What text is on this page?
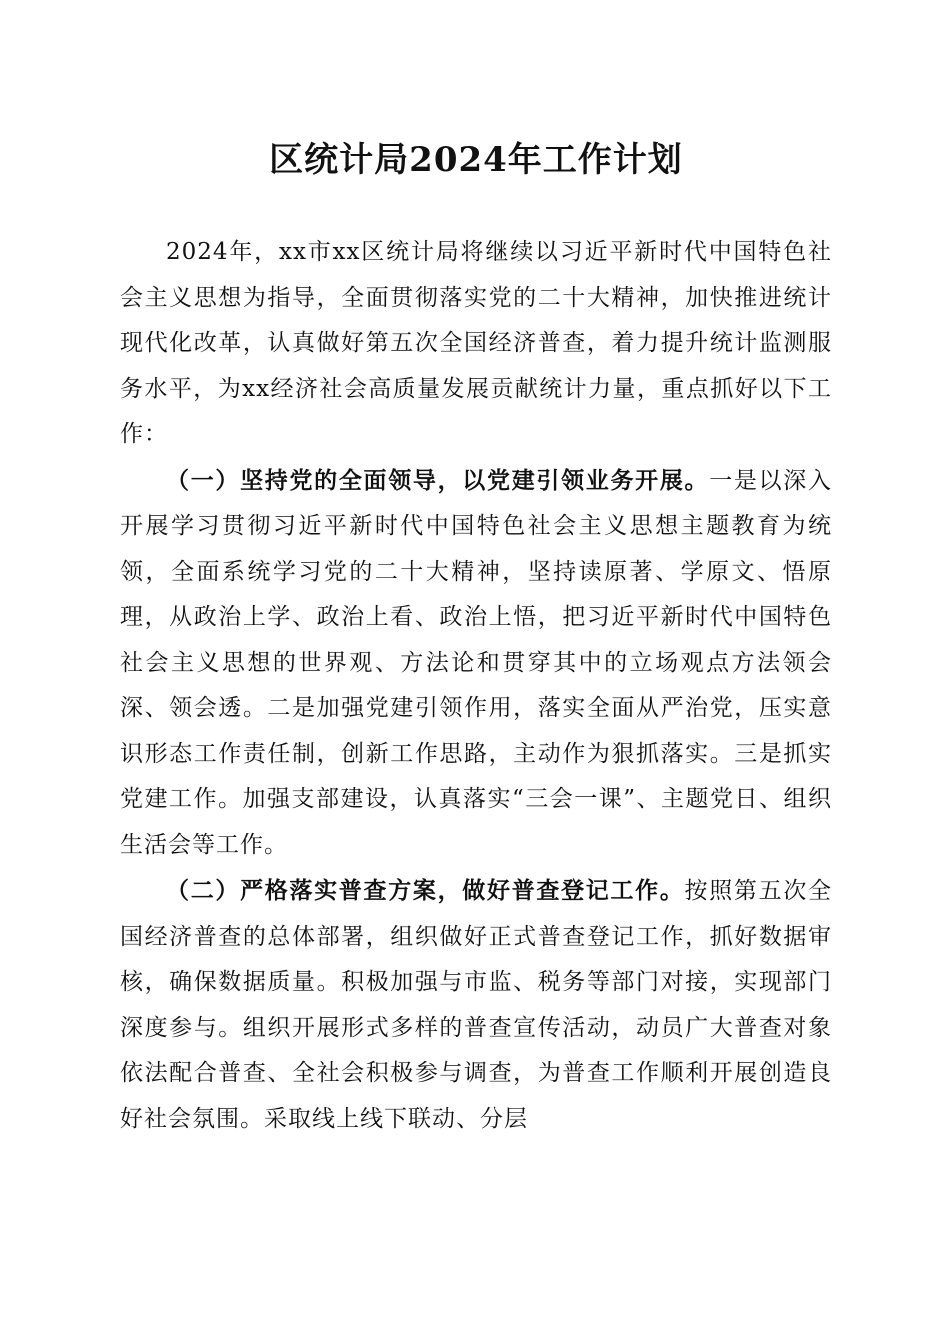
区统计局2024年工作计划

2024年，xx市xx区统计局将继续以习近平新时代中国特色社会主义思想为指导，全面贯彻落实党的二十大精神，加快推进统计现代化改革，认真做好第五次全国经济普查，着力提升统计监测服务水平，为xx经济社会高质量发展贡献统计力量，重点抓好以下工作：

（一）坚持党的全面领导，以党建引领业务开展。一是以深入开展学习贯彻习近平新时代中国特色社会主义思想主题教育为统领，全面系统学习党的二十大精神，坚持读原著、学原文、悟原理，从政治上学、政治上看、政治上悟，把习近平新时代中国特色社会主义思想的世界观、方法论和贯穿其中的立场观点方法领会深、领会透。二是加强党建引领作用，落实全面从严治党，压实意识形态工作责任制，创新工作思路，主动作为狠抓落实。三是抓实党建工作。加强支部建设，认真落实“三会一课”、主题党日、组织生活会等工作。

（二）严格落实普查方案，做好普查登记工作。按照第五次全国经济普查的总体部署，组织做好正式普查登记工作，抓好数据审核，确保数据质量。积极加强与市监、税务等部门对接，实现部门深度参与。组织开展形式多样的普查宣传活动，动员广大普查对象依法配合普查、全社会积极参与调查，为普查工作顺利开展创造良好社会氛围。采取线上线下联动、分层
